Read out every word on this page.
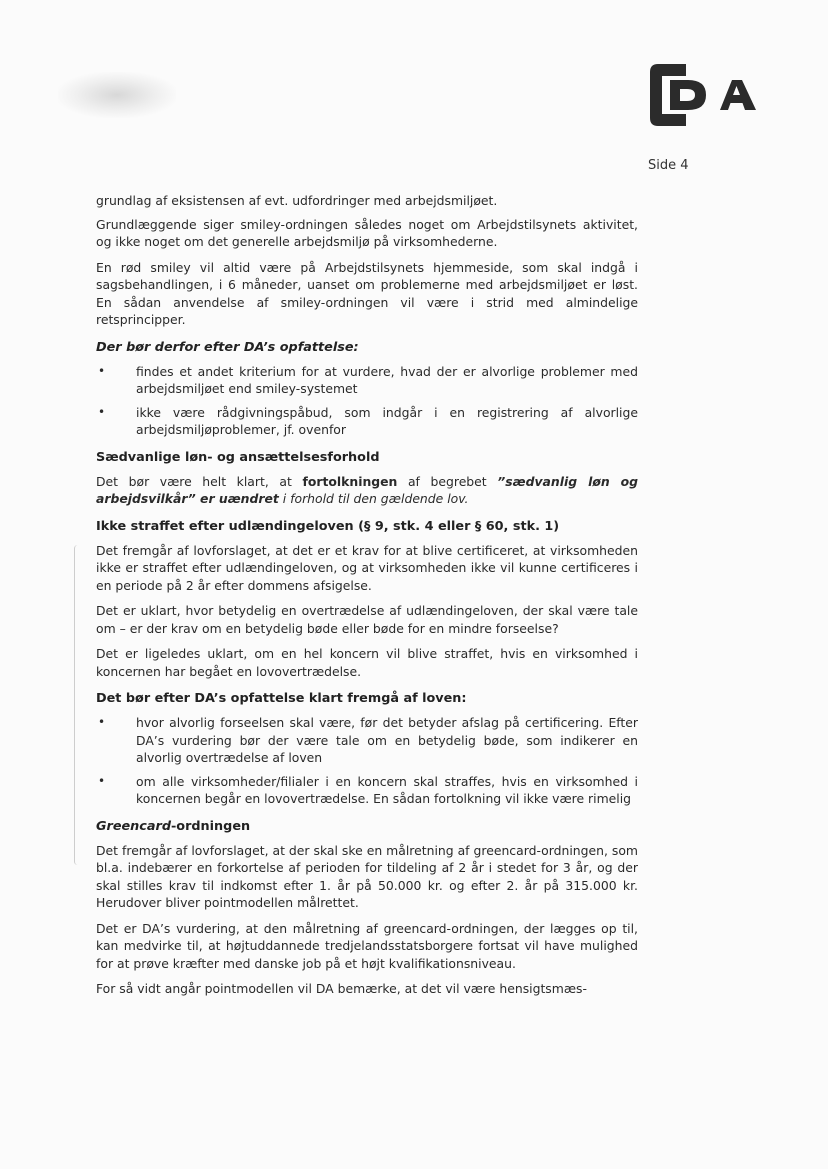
Side 4

grundlag af eksistensen af evt. udfordringer med arbejdsmiljøet.

Grundlæggende siger smiley-ordningen således noget om Arbejdstilsynets aktivitet, og ikke noget om det generelle arbejdsmiljø på virksomhederne.

En rød smiley vil altid være på Arbejdstilsynets hjemmeside, som skal indgå i sagsbehandlingen, i 6 måneder, uanset om problemerne med arbejdsmiljøet er løst. En sådan anvendelse af smiley-ordningen vil være i strid med almindelige retsprincipper.

Der bør derfor efter DA’s opfattelse:
• findes et andet kriterium for at vurdere, hvad der er alvorlige problemer med arbejdsmiljøet end smiley-systemet
• ikke være rådgivningspåbud, som indgår i en registrering af alvorlige arbejdsmiljøproblemer, jf. ovenfor
Sædvanlige løn- og ansættelsesforhold

Det bør være helt klart, at fortolkningen af begrebet ”sædvanlig løn og arbejdsvilkår” er uændret i forhold til den gældende lov.

Ikke straffet efter udlændingeloven (§ 9, stk. 4 eller § 60, stk. 1)

Det fremgår af lovforslaget, at det er et krav for at blive certificeret, at virksomheden ikke er straffet efter udlændingeloven, og at virksomheden ikke vil kunne certificeres i en periode på 2 år efter dommens afsigelse.

Det er uklart, hvor betydelig en overtrædelse af udlændingeloven, der skal være tale om – er der krav om en betydelig bøde eller bøde for en mindre forseelse?

Det er ligeledes uklart, om en hel koncern vil blive straffet, hvis en virksomhed i koncernen har begået en lovovertrædelse.

Det bør efter DA’s opfattelse klart fremgå af loven:
• hvor alvorlig forseelsen skal være, før det betyder afslag på certificering. Efter DA’s vurdering bør der være tale om en betydelig bøde, som indikerer en alvorlig overtrædelse af loven
• om alle virksomheder/filialer i en koncern skal straffes, hvis en virksomhed i koncernen begår en lovovertrædelse. En sådan fortolkning vil ikke være rimelig
Greencard-ordningen

Det fremgår af lovforslaget, at der skal ske en målretning af greencard-ordningen, som bl.a. indebærer en forkortelse af perioden for tildeling af 2 år i stedet for 3 år, og der skal stilles krav til indkomst efter 1. år på 50.000 kr. og efter 2. år på 315.000 kr. Herudover bliver pointmodellen målrettet.

Det er DA’s vurdering, at den målretning af greencard-ordningen, der lægges op til, kan medvirke til, at højtuddannede tredjelandsstatsborgere fortsat vil have mulighed for at prøve kræfter med danske job på et højt kvalifikationsniveau.

For så vidt angår pointmodellen vil DA bemærke, at det vil være hensigtsmæs-
